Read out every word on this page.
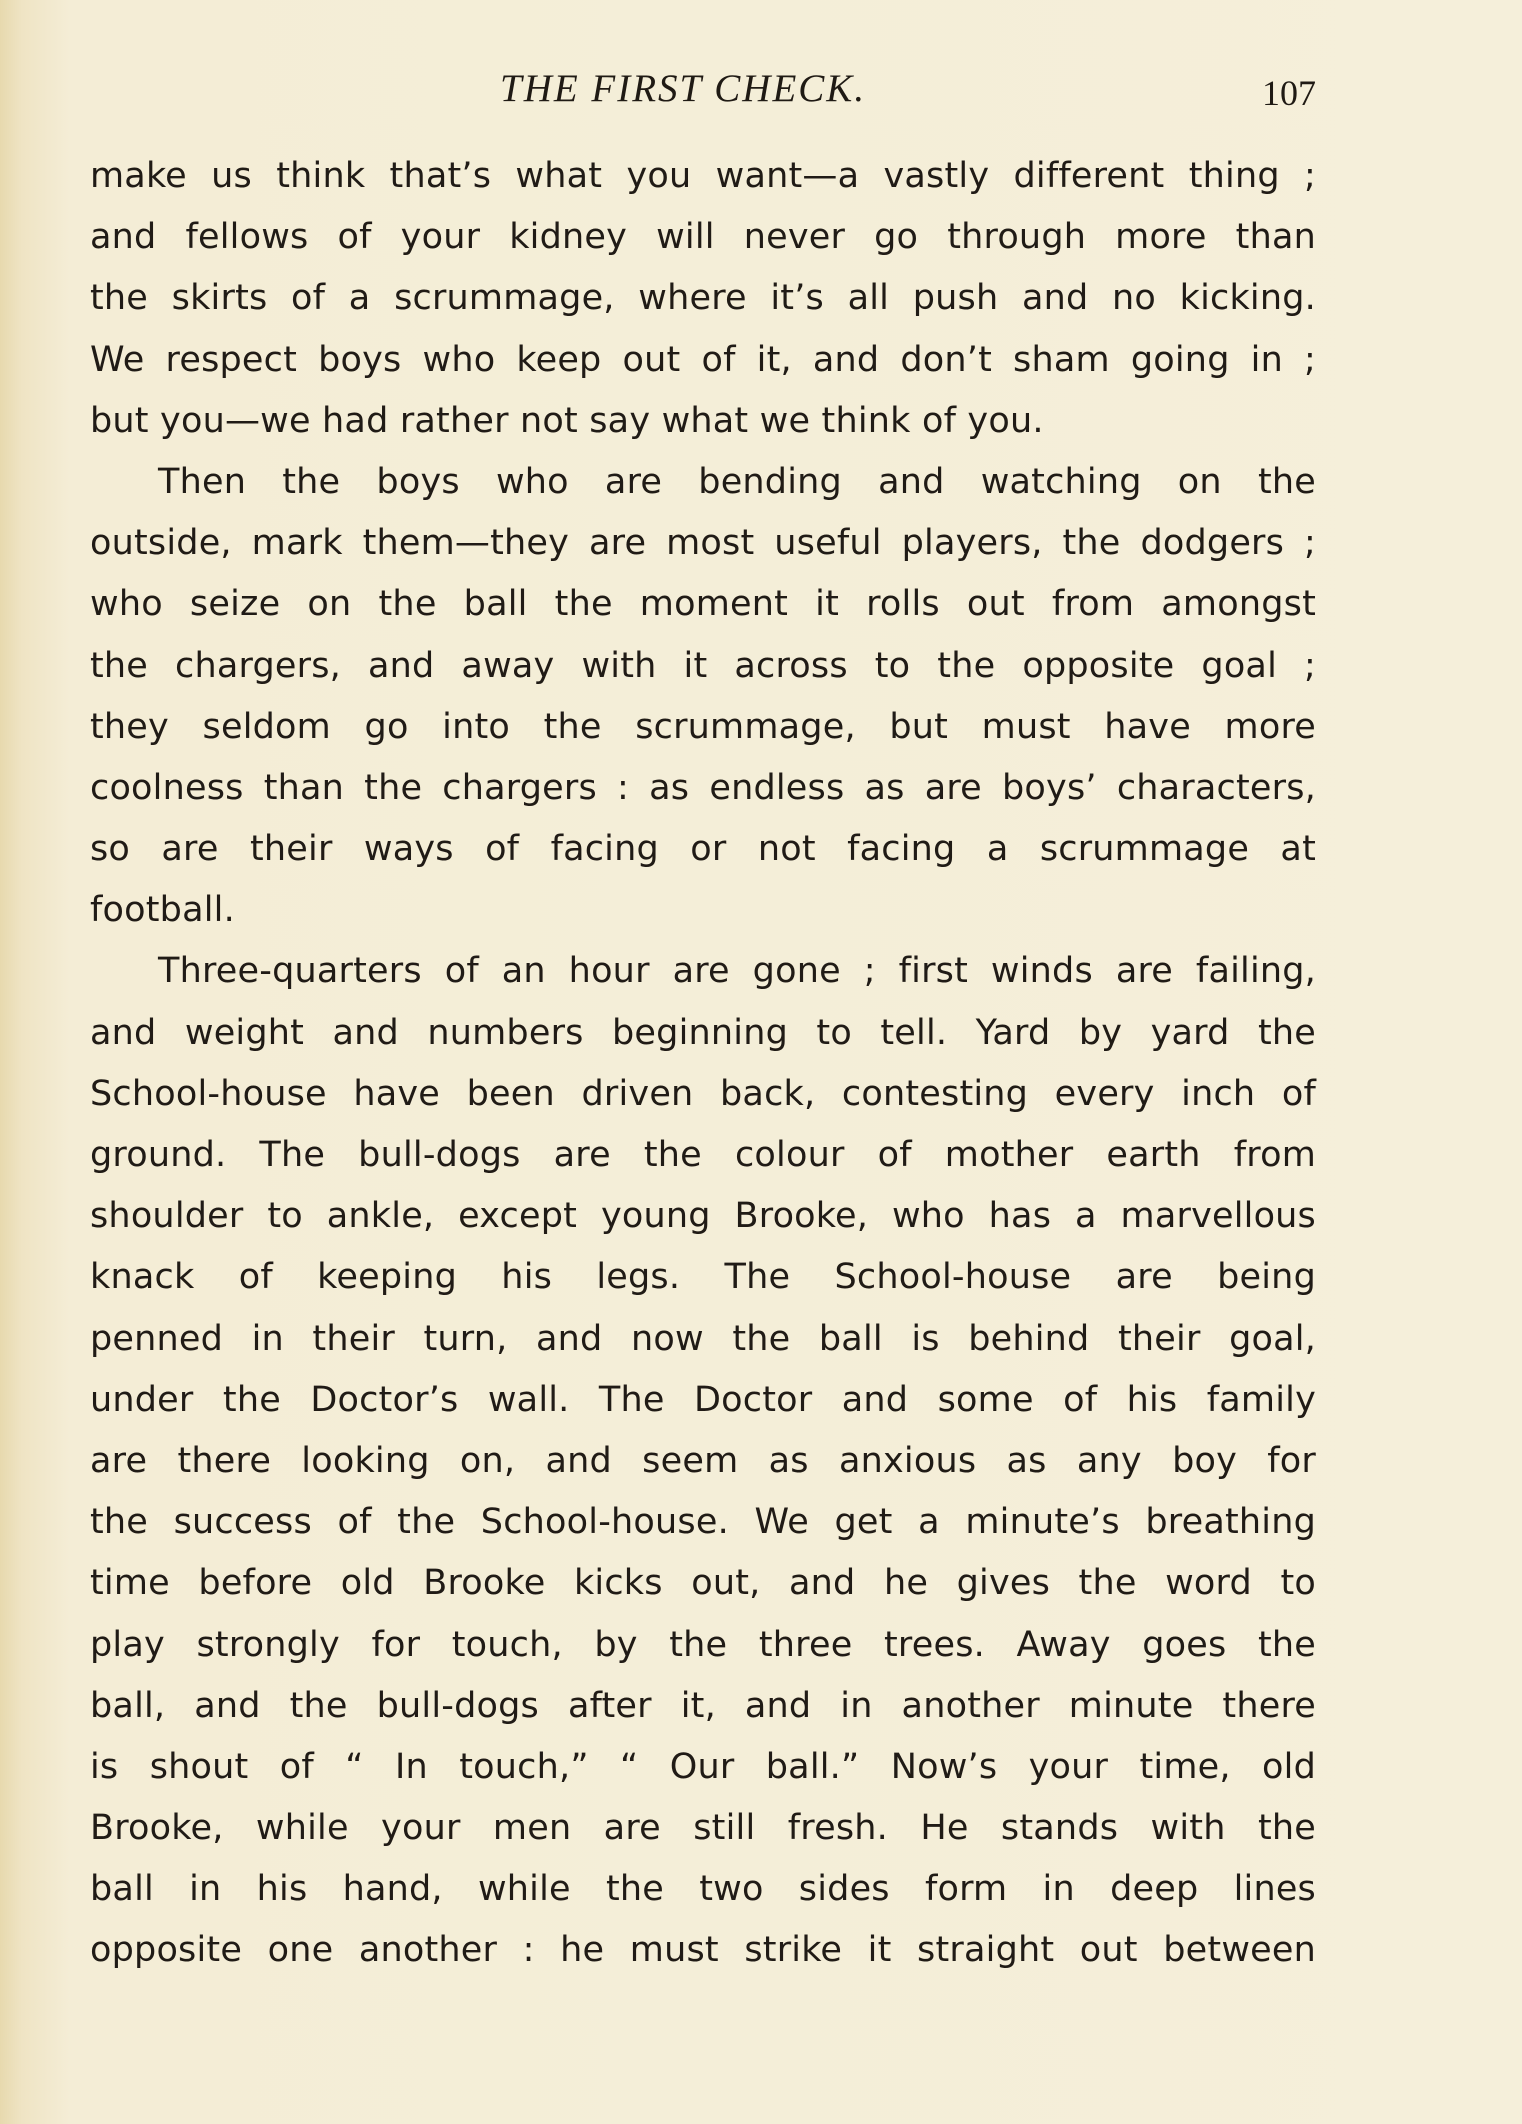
THE FIRST CHECK.	107
make us think that’s what you want—a vastly different thing ;
and fellows of your kidney will never go through more than
the skirts of a scrummage, where it’s all push and no kicking.
We respect boys who keep out of it, and don’t sham going in ;
but you—we had rather not say what we think of you.
Then the boys who are bending and watching on the
outside, mark them—they are most useful players, the dodgers ;
who seize on the ball the moment it rolls out from amongst
the chargers, and away with it across to the opposite goal ;
they seldom go into the scrummage, but must have more
coolness than the chargers : as endless as are boys’ characters,
so are their ways of facing or not facing a scrummage at
football.
Three-quarters of an hour are gone ; first winds are failing,
and weight and numbers beginning to tell. Yard by yard the
School-house have been driven back, contesting every inch of
ground. The bull-dogs are the colour of mother earth from
shoulder to ankle, except young Brooke, who has a marvellous
knack of keeping his legs. The School-house are being
penned in their turn, and now the ball is behind their goal,
under the Doctor’s wall. The Doctor and some of his family
are there looking on, and seem as anxious as any boy for
the success of the School-house. We get a minute’s breathing
time before old Brooke kicks out, and he gives the word to
play strongly for touch, by the three trees. Away goes the
ball, and the bull-dogs after it, and in another minute there
is shout of “ In touch,” “ Our ball.” Now’s your time, old
Brooke, while your men are still fresh. He stands with the
ball in his hand, while the two sides form in deep lines
opposite one another : he must strike it straight out between
